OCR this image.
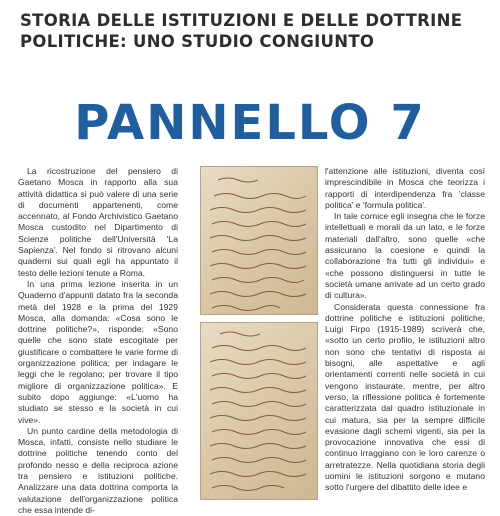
STORIA DELLE ISTITUZIONI E DELLE DOTTRINE
POLITICHE: UNO STUDIO CONGIUNTO
PANNELLO 7

La ricostruzione del pensiero di Gaetano Mosca in rapporto alla sua attività didattica si può valere di una serie di documenti appartenenti, come accennato, al Fondo Archivistico Gaetano Mosca custodito nel Dipartimento di Scienze politiche dell'Università 'La Sapienza'. Nel fondo si ritrovano alcuni quaderni sui quali egli ha appuntato il testo delle lezioni tenute a Roma.

In una prima lezione inserita in un Quaderno d'appunti datato fra la seconda metà del 1928 e la prima del 1929 Mosca, alla domanda: «Cosa sono le dottrine politiche?», risponde: «Sono quelle che sono state escogitate per giustificare o combattere le varie forme di organizzazione politica; per indagare le leggi che le regolano; per trovare il tipo migliore di organizzazione politica». E subito dopo aggiunge: «L'uomo ha studiato se stesso e la società in cui vive».

Un punto cardine della metodologia di Mosca, infatti, consiste nello studiare le dottrine politiche tenendo conto del profondo nesso e della reciproca azione tra pensiero e istituzioni politiche. Analizzare una data dottrina comporta la valutazione dell'organizzazione politica che essa intende di-

l'attenzione alle istituzioni, diventa così imprescindibile in Mosca che teorizza i rapporti di interdipendenza fra 'classe politica' e 'formula politica'.

In tale cornice egli insegna che le forze intellettuali e morali da un lato, e le forze materiali dall'altro, sono quelle «che assicurano la coesione e quindi la collaborazione fra tutti gli individui» e «che possono distinguersi in tutte le società umane arrivate ad un certo grado di cultura».

Considerata questa connessione fra dottrine politiche e istituzioni politiche, Luigi Firpo (1915-1989) scriverà che, «sotto un certo profilo, le istituzioni altro non sono che tentativi di risposta ai bisogni, alle aspettative e agli orientamenti correnti nelle società in cui vengono instaurate, mentre, per altro verso, la riflessione politica è fortemente caratterizzata dal quadro istituzionale in cui matura, sia per la sempre difficile evasione dagli schemi vigenti, sia per la provocazione innovativa che essi di continuo irraggiano con le loro carenze o arretratezze. Nella quotidiana storia degli uomini le istituzioni sorgono e mutano sotto l'urgere del dibattito delle idee e
